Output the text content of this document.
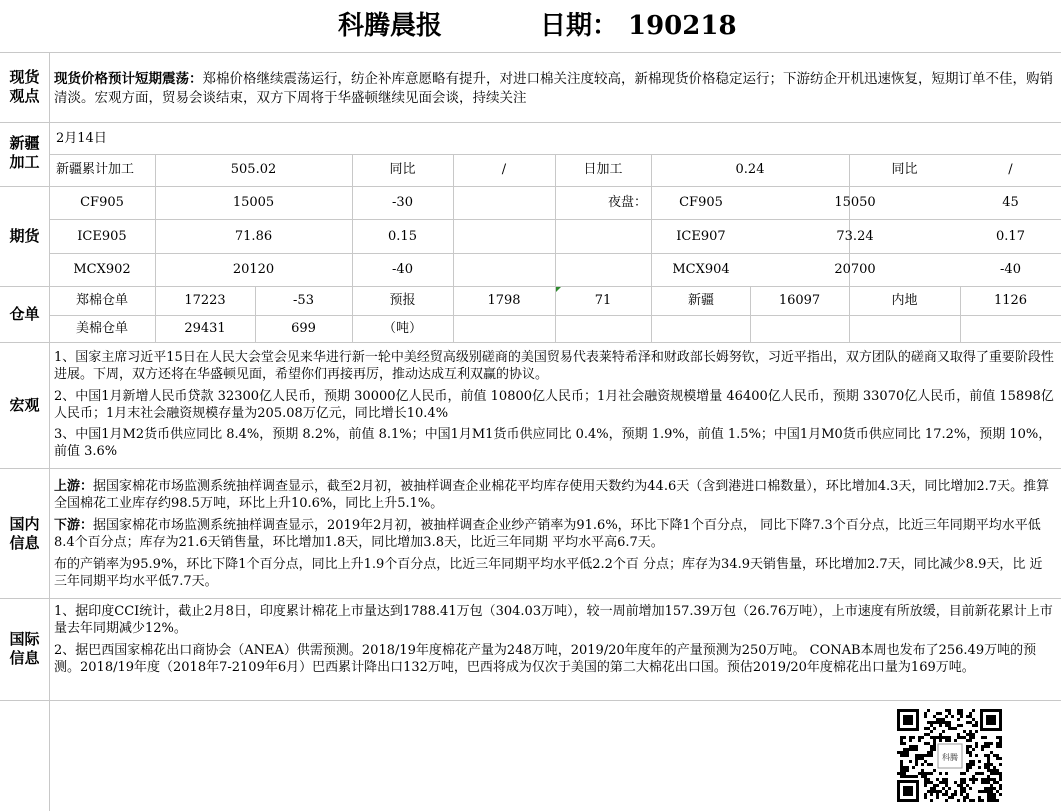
科腾晨报	日期： 190218
现货观点
现货价格预计短期震荡：郑棉价格继续震荡运行，纺企补库意愿略有提升，对进口棉关注度较高，新棉现货价格稳定运行；下游纺企开机迅速恢复，短期订单不佳，购销清淡。宏观方面，贸易会谈结束，双方下周将于华盛顿继续见面会谈，持续关注
新疆加工
2月14日
新疆累计加工	505.02	同比	/	日加工	0.24	同比	/
期货
夜盘：
CF905	15005	-30	CF905	15050	45
ICE905	71.86	0.15	ICE907	73.24	0.17
MCX902	20120	-40	MCX904	20700	-40
仓单
郑棉仓单	17223	-53	预报	1798	71	新疆	16097	内地	1126
美棉仓单	29431	699	（吨）
宏观
1、国家主席习近平15日在人民大会堂会见来华进行新一轮中美经贸高级别磋商的美国贸易代表莱特希泽和财政部长姆努钦，习近平指出，双方团队的磋商又取得了重要阶段性进展。下周，双方还将在华盛顿见面，希望你们再接再厉，推动达成互利双赢的协议。
2、中国1月新增人民币贷款 32300亿人民币，预期 30000亿人民币，前值 10800亿人民币；1月社会融资规模增量 46400亿人民币，预期 33070亿人民币，前值 15898亿人民币；1月末社会融资规模存量为205.08万亿元，同比增长10.4%
3、中国1月M2货币供应同比 8.4%，预期 8.2%，前值 8.1%；中国1月M1货币供应同比 0.4%，预期 1.9%，前值 1.5%；中国1月M0货币供应同比 17.2%，预期 10%，前值 3.6%
国内信息
上游：据国家棉花市场监测系统抽样调查显示，截至2月初，被抽样调查企业棉花平均库存使用天数约为44.6天（含到港进口棉数量），环比增加4.3天，同比增加2.7天。推算全国棉花工业库存约98.5万吨，环比上升10.6%，同比上升5.1%。
下游：据国家棉花市场监测系统抽样调查显示，2019年2月初，被抽样调查企业纱产销率为91.6%，环比下降1个百分点， 同比下降7.3个百分点，比近三年同期平均水平低8.4个百分点；库存为21.6天销售量，环比增加1.8天，同比增加3.8天，比近三年同期 平均水平高6.7天。
布的产销率为95.9%，环比下降1个百分点，同比上升1.9个百分点，比近三年同期平均水平低2.2个百 分点；库存为34.9天销售量，环比增加2.7天，同比减少8.9天，比 近三年同期平均水平低7.7天。
国际信息
1、据印度CCI统计，截止2月8日，印度累计棉花上市量达到1788.41万包（304.03万吨），较一周前增加157.39万包（26.76万吨），上市速度有所放缓，目前新花累计上市量去年同期减少12%。
2、据巴西国家棉花出口商协会（ANEA）供需预测。2018/19年度棉花产量为248万吨，2019/20年度年的产量预测为250万吨。 CONAB本周也发布了256.49万吨的预测。2018/19年度（2018年7-2109年6月）巴西累计降出口132万吨，巴西将成为仅次于美国的第二大棉花出口国。预估2019/20年度棉花出口量为169万吨。
科腾
